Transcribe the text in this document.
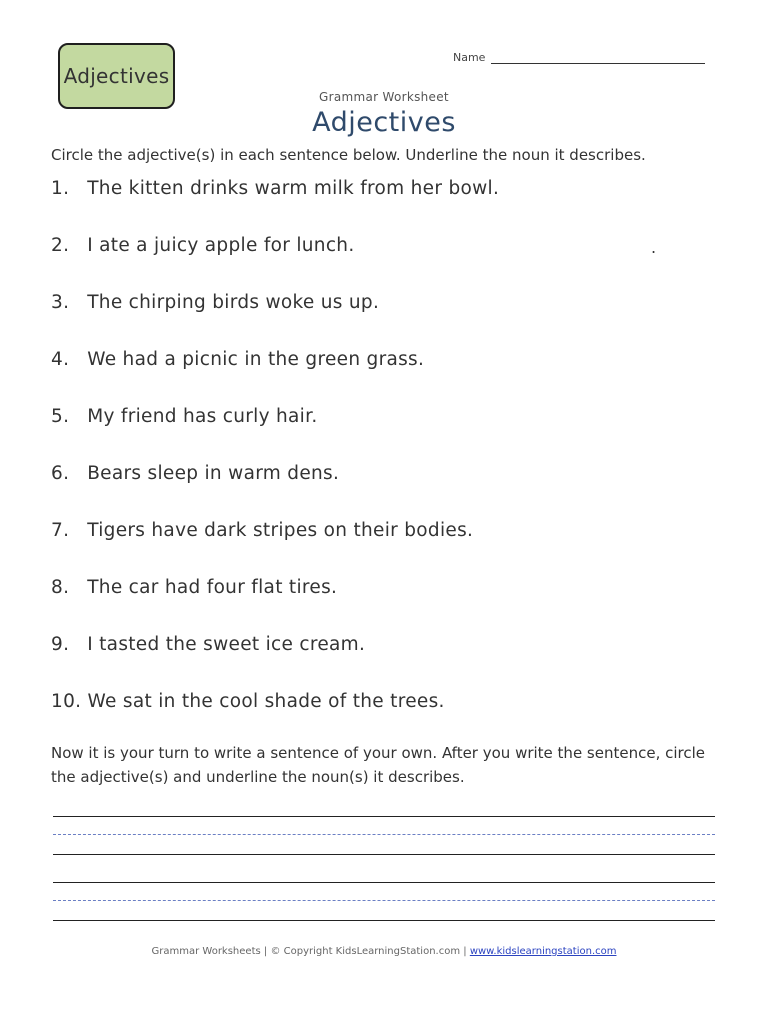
Adjectives
Name
Grammar Worksheet
Adjectives
Circle the adjective(s) in each sentence below. Underline the noun it describes.
1. The kitten drinks warm milk from her bowl.
2. I ate a juicy apple for lunch.	.
3. The chirping birds woke us up.
4. We had a picnic in the green grass.
5. My friend has curly hair.
6. Bears sleep in warm dens.
7. Tigers have dark stripes on their bodies.
8. The car had four flat tires.
9. I tasted the sweet ice cream.
10. We sat in the cool shade of the trees.
Now it is your turn to write a sentence of your own. After you write the sentence, circle the adjective(s) and underline the noun(s) it describes.
Grammar Worksheets | © Copyright KidsLearningStation.com | www.kidslearningstation.com
